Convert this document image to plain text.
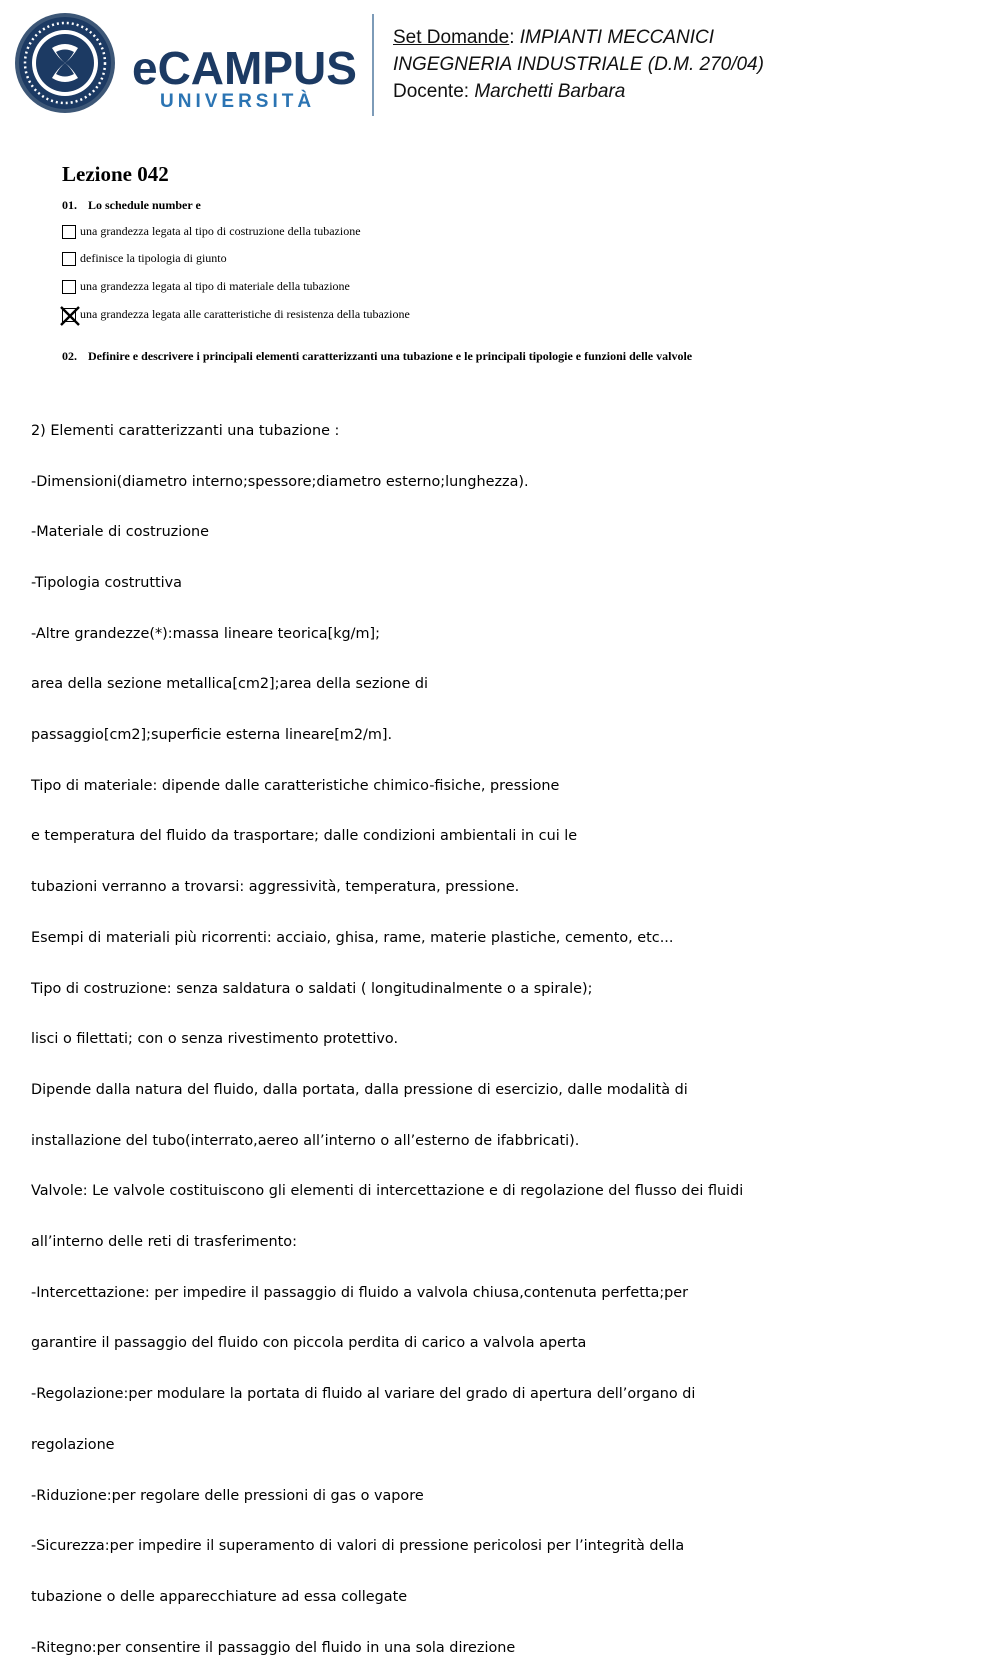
eCAMPUS
UNIVERSITÀ
Set Domande: IMPIANTI MECCANICI
INGEGNERIA INDUSTRIALE (D.M. 270/04)
Docente: Marchetti Barbara
Lezione 042
01. Lo schedule number e
una grandezza legata al tipo di costruzione della tubazione
definisce la tipologia di giunto
una grandezza legata al tipo di materiale della tubazione
una grandezza legata alle caratteristiche di resistenza della tubazione
02. Definire e descrivere i principali elementi caratterizzanti una tubazione e le principali tipologie e funzioni delle valvole

2) Elementi caratterizzanti una tubazione :

-Dimensioni(diametro interno;spessore;diametro esterno;lunghezza).

-Materiale di costruzione

-Tipologia costruttiva

-Altre grandezze(*):massa lineare teorica[kg/m];

area della sezione metallica[cm2];area della sezione di

passaggio[cm2];superficie esterna lineare[m2/m].

Tipo di materiale: dipende dalle caratteristiche chimico-fisiche, pressione

e temperatura del fluido da trasportare; dalle condizioni ambientali in cui le

tubazioni verranno a trovarsi: aggressività, temperatura, pressione.

Esempi di materiali più ricorrenti: acciaio, ghisa, rame, materie plastiche, cemento, etc...

Tipo di costruzione: senza saldatura o saldati ( longitudinalmente o a spirale);

lisci o filettati; con o senza rivestimento protettivo.

Dipende dalla natura del fluido, dalla portata, dalla pressione di esercizio, dalle modalità di

installazione del tubo(interrato,aereo all’interno o all’esterno de ifabbricati).

Valvole: Le valvole costituiscono gli elementi di intercettazione e di regolazione del flusso dei fluidi

all’interno delle reti di trasferimento:

-Intercettazione: per impedire il passaggio di fluido a valvola chiusa,contenuta perfetta;per

garantire il passaggio del fluido con piccola perdita di carico a valvola aperta

-Regolazione:per modulare la portata di fluido al variare del grado di apertura dell’organo di

regolazione

-Riduzione:per regolare delle pressioni di gas o vapore

-Sicurezza:per impedire il superamento di valori di pressione pericolosi per l’integrità della

tubazione o delle apparecchiature ad essa collegate

-Ritegno:per consentire il passaggio del fluido in una sola direzione
